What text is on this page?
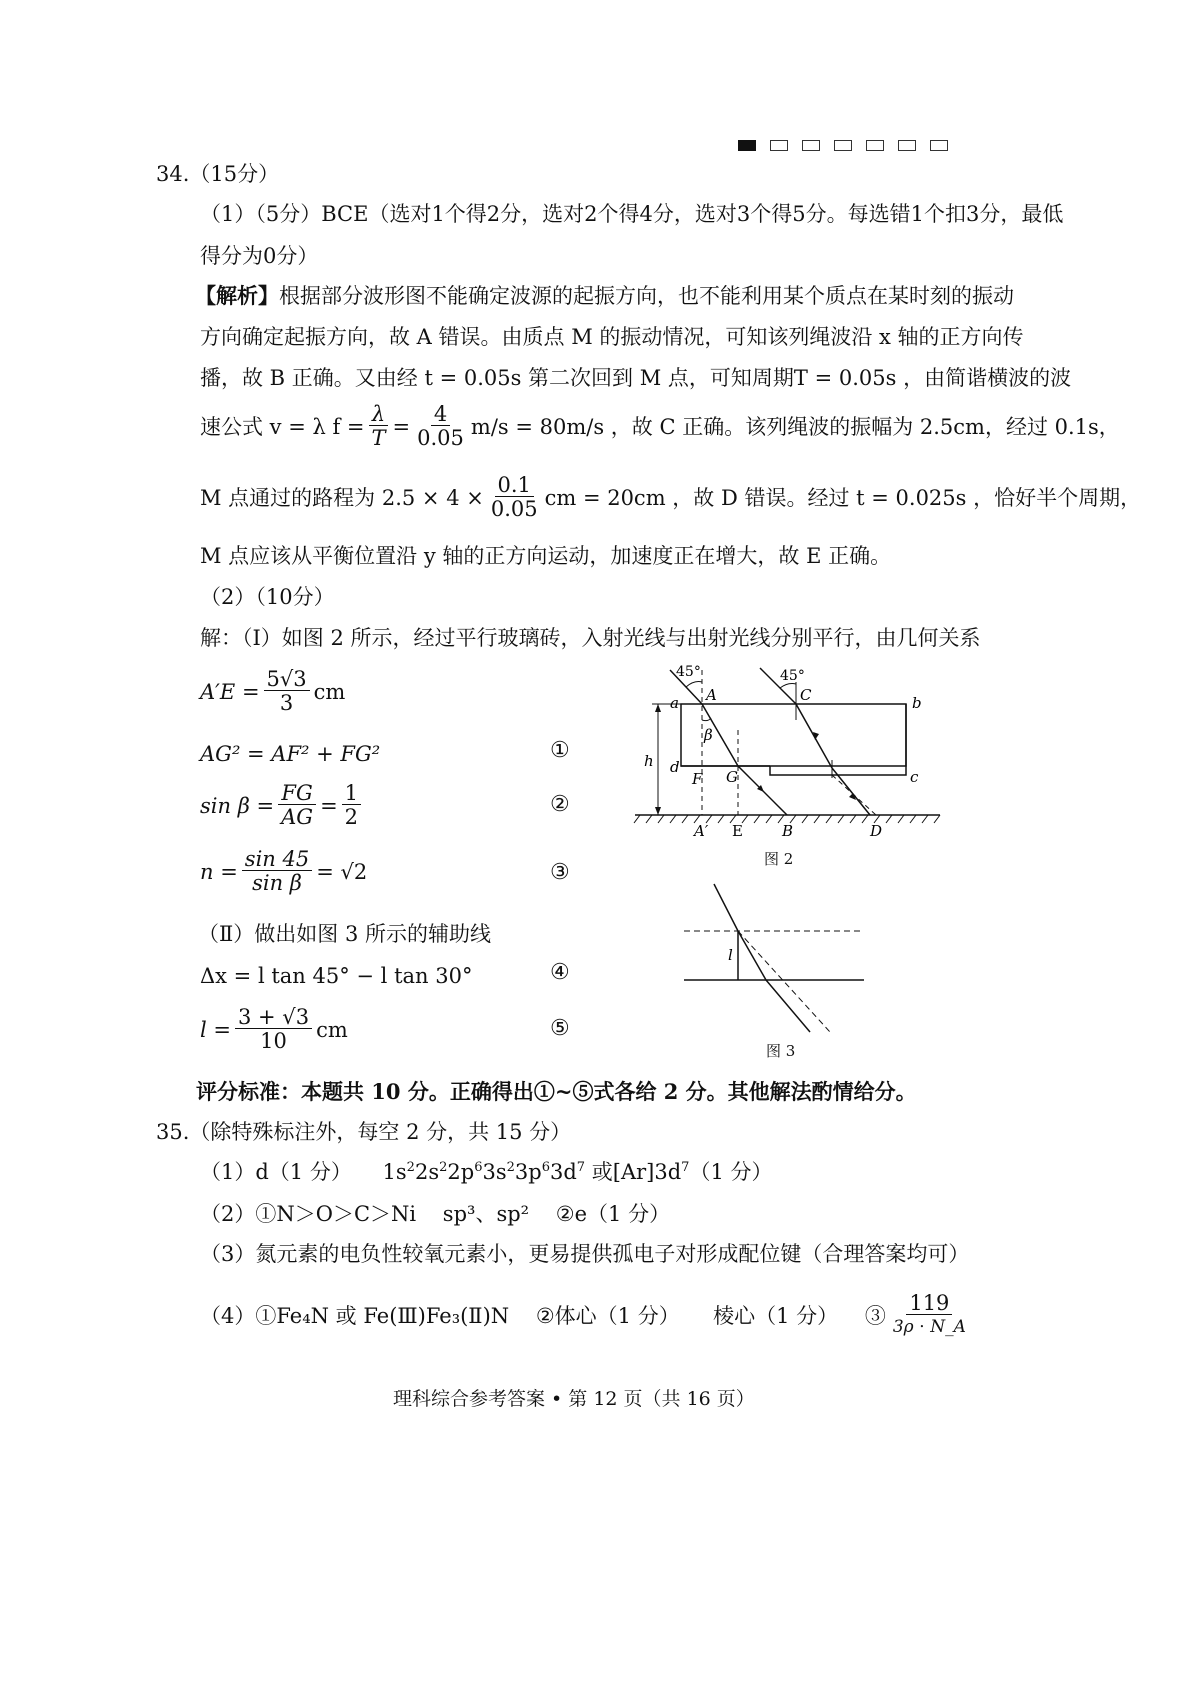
34.（15分）
（1）（5分）BCE（选对1个得2分，选对2个得4分，选对3个得5分。每选错1个扣3分，最低
得分为0分）
【解析】根据部分波形图不能确定波源的起振方向，也不能利用某个质点在某时刻的振动
方向确定起振方向，故 A 错误。由质点 M 的振动情况，可知该列绳波沿 x 轴的正方向传
播，故 B 正确。又由经 t = 0.05s 第二次回到 M 点，可知周期T = 0.05s ，由简谐横波的波
速公式 v = λ $f = \frac{\lambda}{T} = \frac{4}{0.05} m/s = 80m/s$ ，故 C 正确。该列绳波的振幅为 2.5cm，经过 0.1s，
M 点通过的路程为 $2.5 \times 4 \times \frac{0.1}{0.05}$ cm = 20cm ，故 D 错误。经过 t = 0.025s ，恰好半个周期，
M 点应该从平衡位置沿 y 轴的正方向运动，加速度正在增大，故 E 正确。
（2）（10分）
解：（Ⅰ）如图 2 所示，经过平行玻璃砖，入射光线与出射光线分别平行，由几何关系
$A'E = \frac{5√3}{3}$ cm
AG² = AF² + FG²	①
$\sin \beta = \frac{FG}{AG} = \frac{1}{2}$	②
$n = \frac{\sin 45}{\text{sin β}} = √2$	③
（Ⅱ）做出如图 3 所示的辅助线
Δx = l tan 45° − l tan 30°	④
$l = \frac{3 + √3}{10}$ cm	⑤
评分标准：本题共 10 分。正确得出①~⑤式各给 2 分。其他解法酌情给分。
45°	45°
A	C
a	b
d
c
h
β
F G
A′ E	B	D
图 2
l
图 3
35.（除特殊标注外，每空 2 分，共 15 分）
（1）d（1 分） $1s^22s^22p^63s^23p^63d^7$ 或$[Ar]3d^7(1$ 分）
（2）①N＞O＞C＞Ni    sp³、sp²    ②e（1 分）
（3）氮元素的电负性较氧元素小，更易提供孤电子对形成配位键（合理答案均可）
（4）①Fe₄N 或 Fe(Ⅲ)Fe₃(Ⅱ)N    ②体心（1 分）     棱心（1 分）    ③ $\frac{119}{3\rho \cdot N\_A}$
理科综合参考答案 • 第 12 页（共 16 页）
